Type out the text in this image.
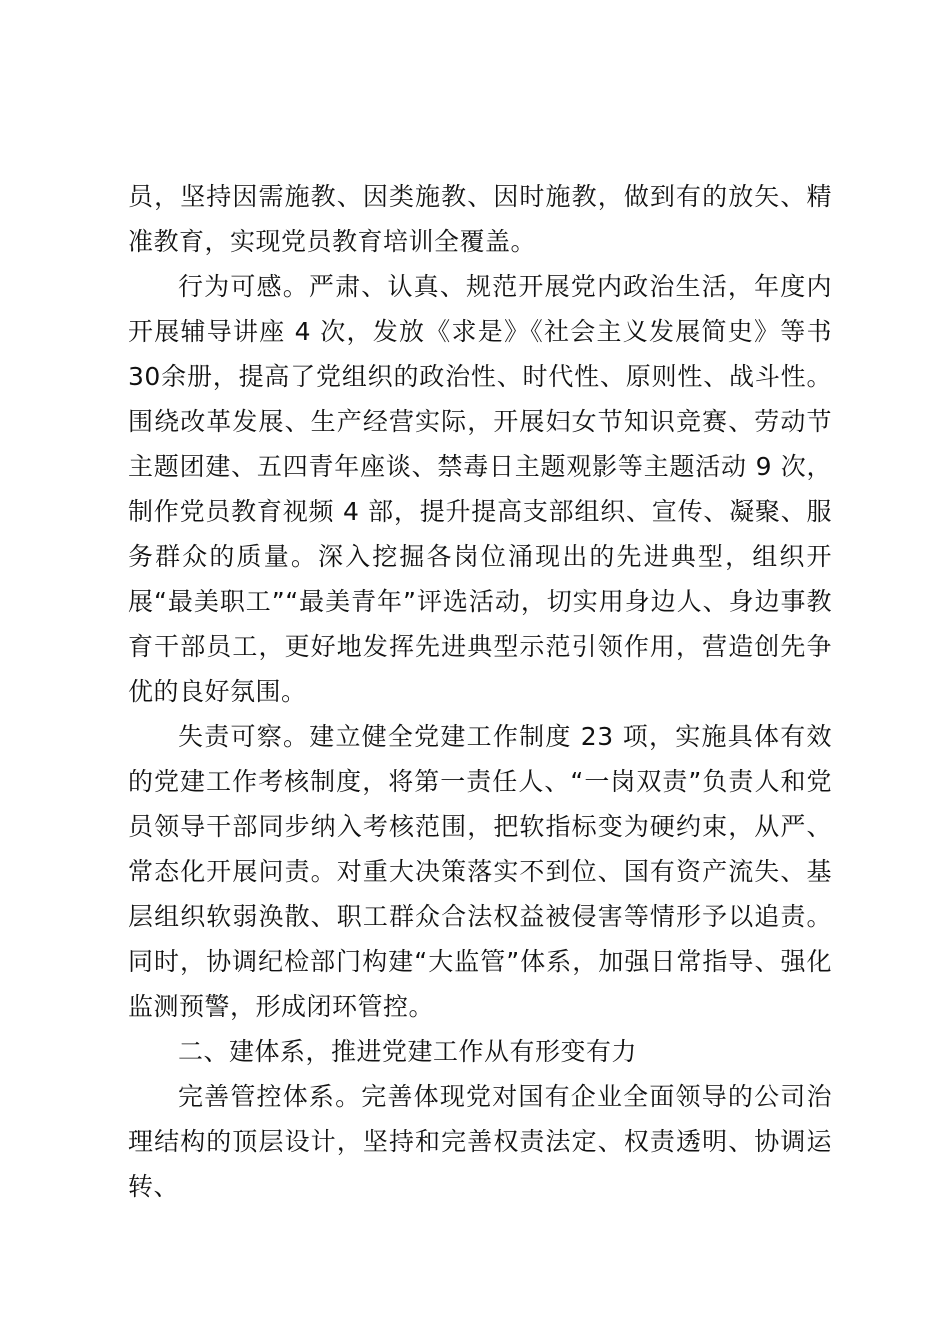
员，坚持因需施教、因类施教、因时施教，做到有的放矢、精准教育，实现党员教育培训全覆盖。

行为可感。严肃、认真、规范开展党内政治生活，年度内开展辅导讲座 4 次，发放《求是》《社会主义发展简史》等书 30余册，提高了党组织的政治性、时代性、原则性、战斗性。围绕改革发展、生产经营实际，开展妇女节知识竞赛、劳动节主题团建、五四青年座谈、禁毒日主题观影等主题活动 9 次，制作党员教育视频 4 部，提升提高支部组织、宣传、凝聚、服务群众的质量。深入挖掘各岗位涌现出的先进典型，组织开展“最美职工”“最美青年”评选活动，切实用身边人、身边事教育干部员工，更好地发挥先进典型示范引领作用，营造创先争优的良好氛围。

失责可察。建立健全党建工作制度 23 项，实施具体有效的党建工作考核制度，将第一责任人、“一岗双责”负责人和党员领导干部同步纳入考核范围，把软指标变为硬约束，从严、常态化开展问责。对重大决策落实不到位、国有资产流失、基层组织软弱涣散、职工群众合法权益被侵害等情形予以追责。同时，协调纪检部门构建“大监管”体系，加强日常指导、强化监测预警，形成闭环管控。

二、建体系，推进党建工作从有形变有力

完善管控体系。完善体现党对国有企业全面领导的公司治理结构的顶层设计，坚持和完善权责法定、权责透明、协调运转、
